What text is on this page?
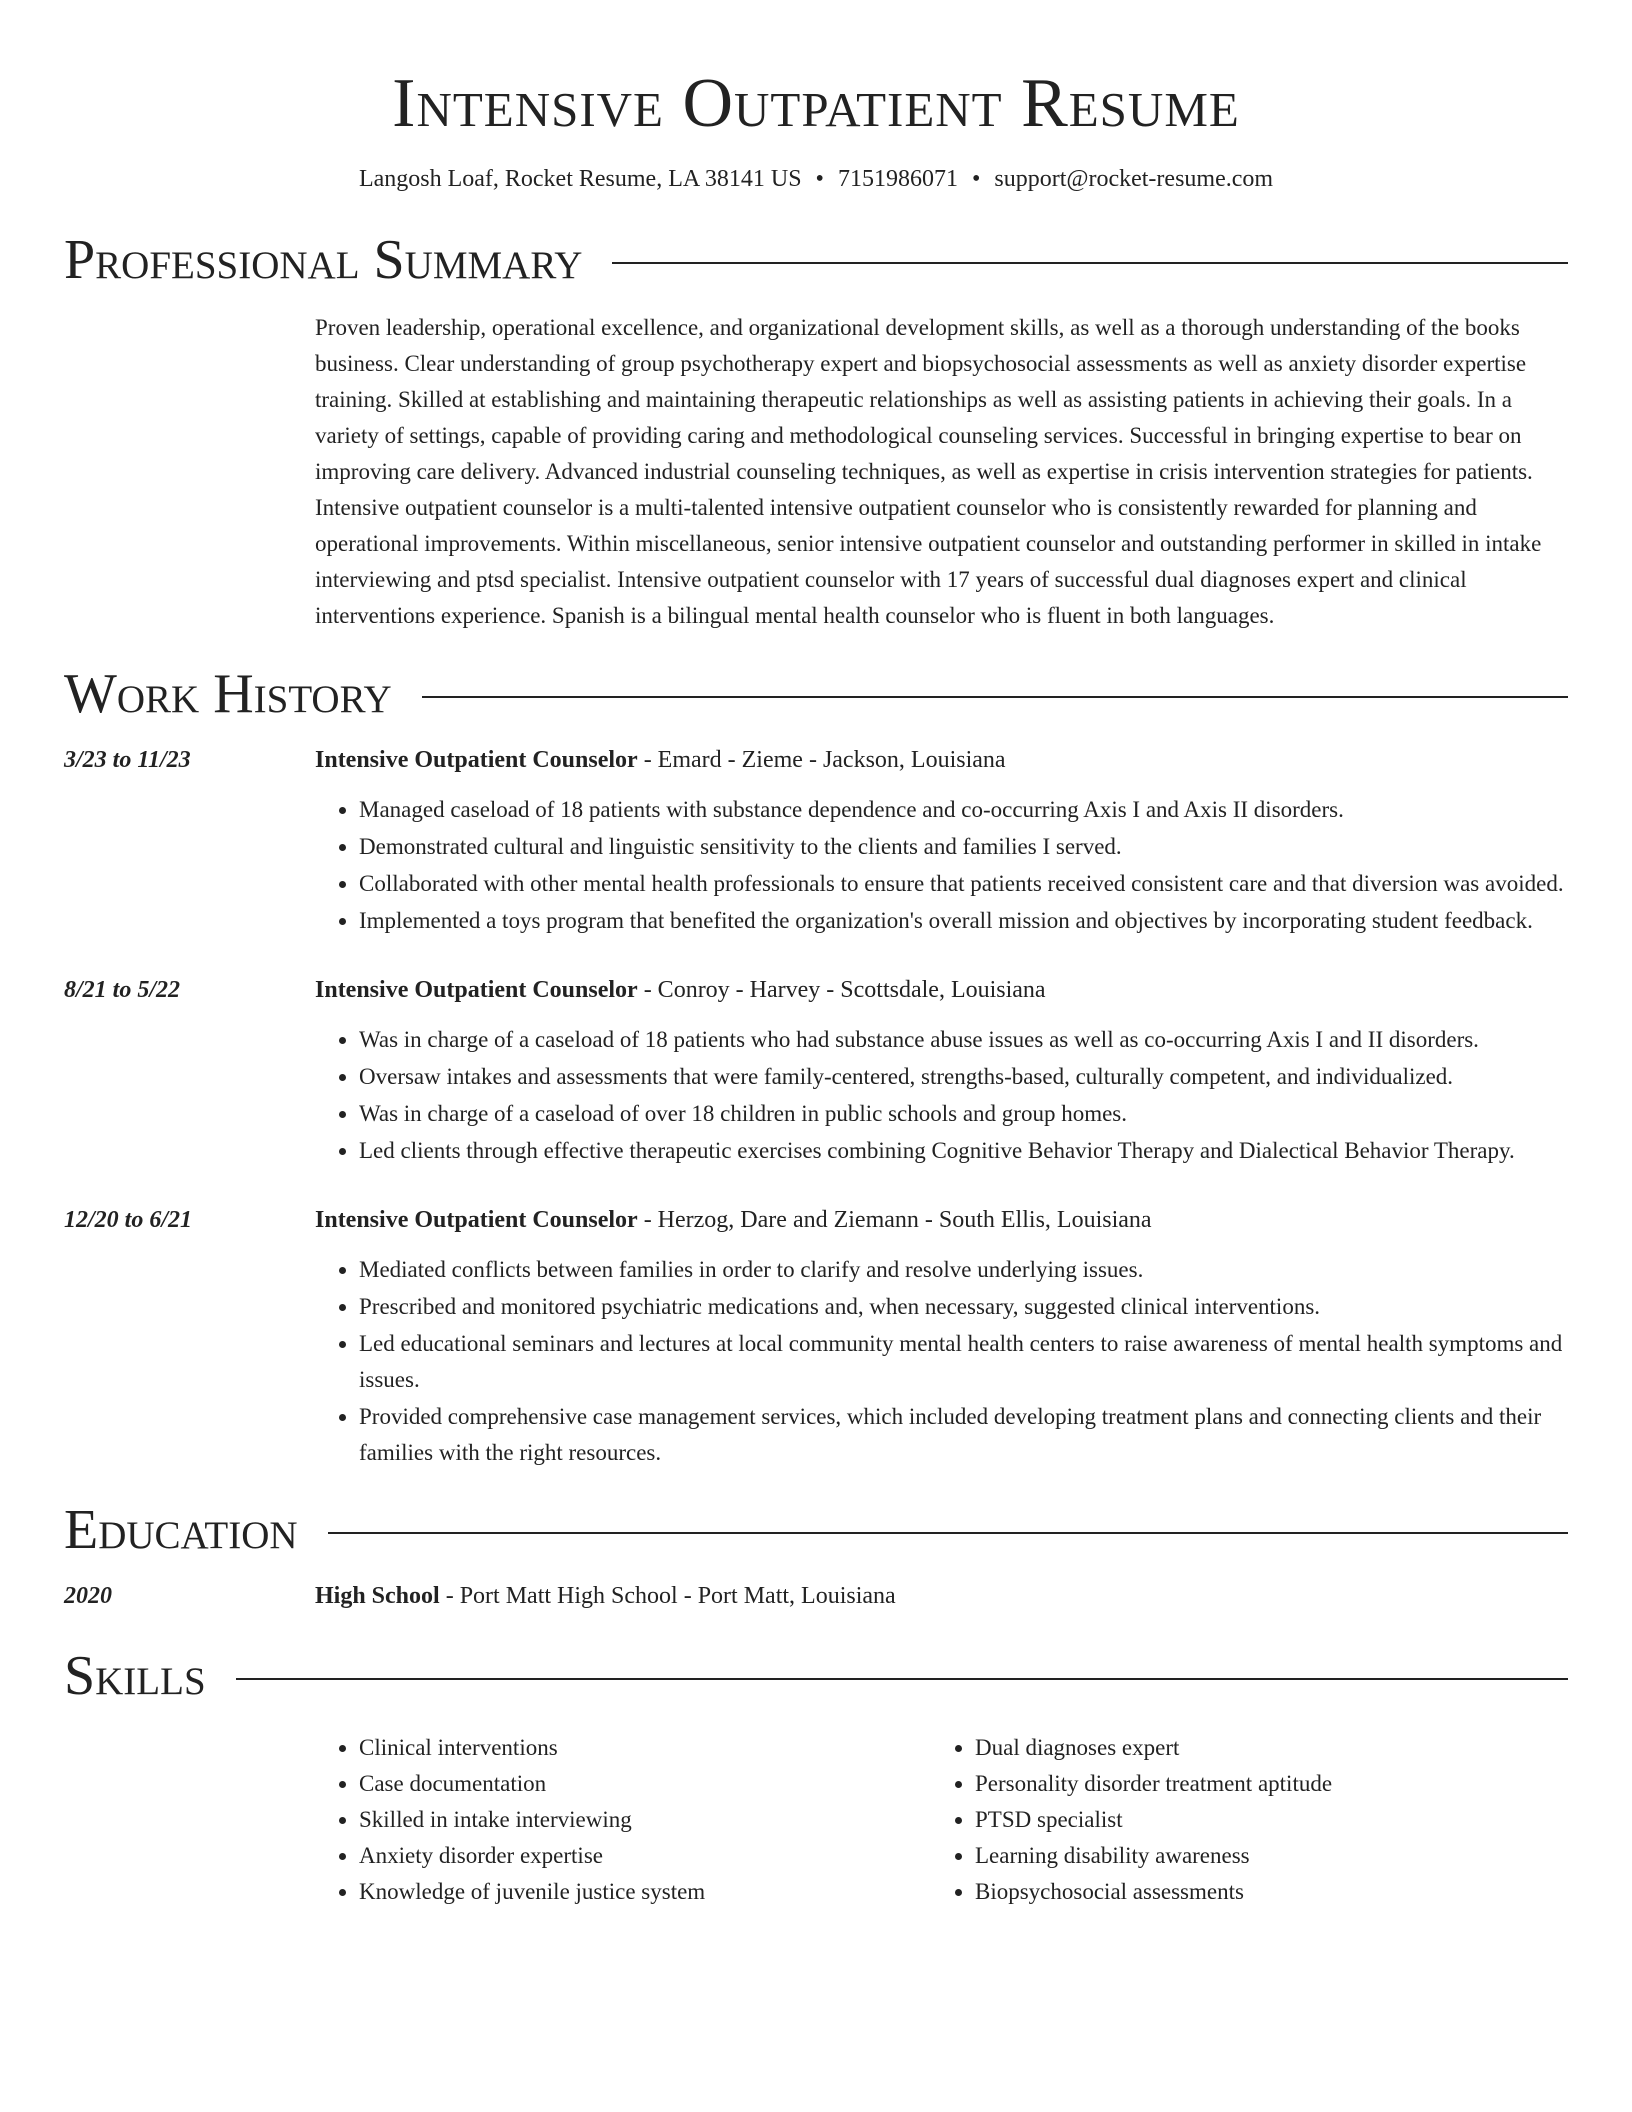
Intensive Outpatient Resume
Langosh Loaf, Rocket Resume, LA 38141 US • 7151986071 • support@rocket-resume.com
Professional Summary
Proven leadership, operational excellence, and organizational development skills, as well as a thorough understanding of the books business. Clear understanding of group psychotherapy expert and biopsychosocial assessments as well as anxiety disorder expertise training. Skilled at establishing and maintaining therapeutic relationships as well as assisting patients in achieving their goals. In a variety of settings, capable of providing caring and methodological counseling services. Successful in bringing expertise to bear on improving care delivery. Advanced industrial counseling techniques, as well as expertise in crisis intervention strategies for patients. Intensive outpatient counselor is a multi-talented intensive outpatient counselor who is consistently rewarded for planning and operational improvements. Within miscellaneous, senior intensive outpatient counselor and outstanding performer in skilled in intake interviewing and ptsd specialist. Intensive outpatient counselor with 17 years of successful dual diagnoses expert and clinical interventions experience. Spanish is a bilingual mental health counselor who is fluent in both languages.
Work History
3/23 to 11/23	Intensive Outpatient Counselor - Emard - Zieme - Jackson, Louisiana
• Managed caseload of 18 patients with substance dependence and co-occurring Axis I and Axis II disorders.
• Demonstrated cultural and linguistic sensitivity to the clients and families I served.
• Collaborated with other mental health professionals to ensure that patients received consistent care and that diversion was avoided.
• Implemented a toys program that benefited the organization's overall mission and objectives by incorporating student feedback.
8/21 to 5/22	Intensive Outpatient Counselor - Conroy - Harvey - Scottsdale, Louisiana
• Was in charge of a caseload of 18 patients who had substance abuse issues as well as co-occurring Axis I and II disorders.
• Oversaw intakes and assessments that were family-centered, strengths-based, culturally competent, and individualized.
• Was in charge of a caseload of over 18 children in public schools and group homes.
• Led clients through effective therapeutic exercises combining Cognitive Behavior Therapy and Dialectical Behavior Therapy.
12/20 to 6/21	Intensive Outpatient Counselor - Herzog, Dare and Ziemann - South Ellis, Louisiana
• Mediated conflicts between families in order to clarify and resolve underlying issues.
• Prescribed and monitored psychiatric medications and, when necessary, suggested clinical interventions.
• Led educational seminars and lectures at local community mental health centers to raise awareness of mental health symptoms and issues.
• Provided comprehensive case management services, which included developing treatment plans and connecting clients and their families with the right resources.
Education
2020	High School - Port Matt High School - Port Matt, Louisiana
Skills
• Clinical interventions
• Case documentation
• Skilled in intake interviewing
• Anxiety disorder expertise
• Knowledge of juvenile justice system
• Dual diagnoses expert
• Personality disorder treatment aptitude
• PTSD specialist
• Learning disability awareness
• Biopsychosocial assessments
